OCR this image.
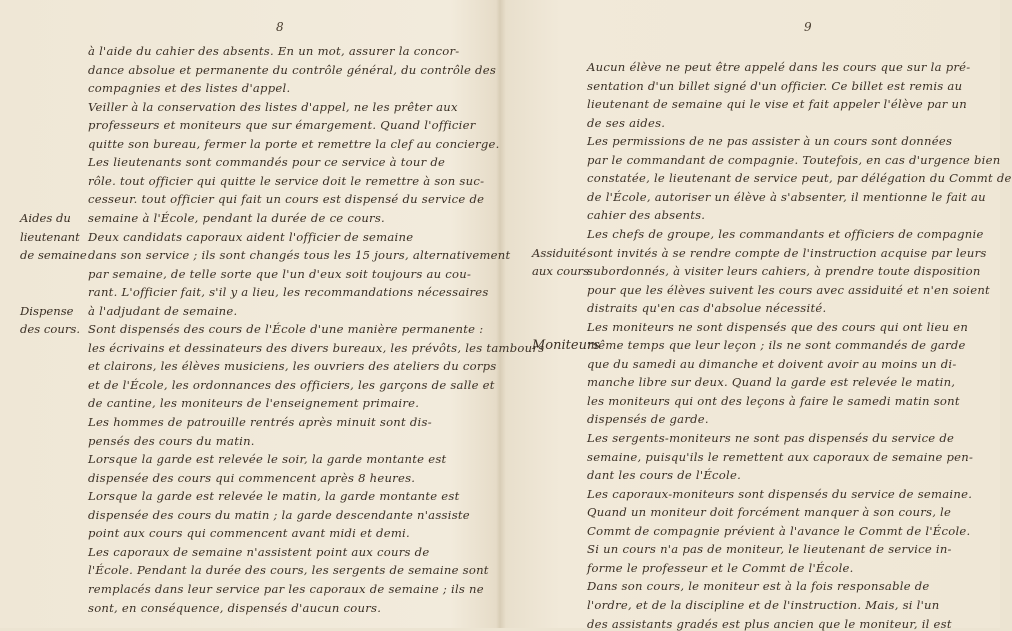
8
à l'aide du cahier des absents. En un mot, assurer la concor-
dance absolue et permanente du contrôle général, du contrôle des
compagnies et des listes d'appel.
Veiller à la conservation des listes d'appel, ne les prêter aux
professeurs et moniteurs que sur émargement. Quand l'officier
quitte son bureau, fermer la porte et remettre la clef au concierge.
Les lieutenants sont commandés pour ce service à tour de
rôle. tout officier qui quitte le service doit le remettre à son suc-
cesseur. tout officier qui fait un cours est dispensé du service de
semaine à l'École, pendant la durée de ce cours.
Deux candidats caporaux aident l'officier de semaine
dans son service ; ils sont changés tous les 15 jours, alternativement
par semaine, de telle sorte que l'un d'eux soit toujours au cou-
rant. L'officier fait, s'il y a lieu, les recommandations nécessaires
à l'adjudant de semaine.
Sont dispensés des cours de l'École d'une manière permanente :
les écrivains et dessinateurs des divers bureaux, les prévôts, les tambours
et clairons, les élèves musiciens, les ouvriers des ateliers du corps
et de l'École, les ordonnances des officiers, les garçons de salle et
de cantine, les moniteurs de l'enseignement primaire.
Les hommes de patrouille rentrés après minuit sont dis-
pensés des cours du matin.
Lorsque la garde est relevée le soir, la garde montante est
dispensée des cours qui commencent après 8 heures.
Lorsque la garde est relevée le matin, la garde montante est
dispensée des cours du matin ; la garde descendante n'assiste
point aux cours qui commencent avant midi et demi.
Les caporaux de semaine n'assistent point aux cours de
l'École. Pendant la durée des cours, les sergents de semaine sont
remplacés dans leur service par les caporaux de semaine ; ils ne
sont, en conséquence, dispensés d'aucun cours.
Aides du
lieutenant
de semaine
Dispense
des cours.
9
Aucun élève ne peut être appelé dans les cours que sur la pré-
sentation d'un billet signé d'un officier. Ce billet est remis au
lieutenant de semaine qui le vise et fait appeler l'élève par un
de ses aides.
Les permissions de ne pas assister à un cours sont données
par le commandant de compagnie. Toutefois, en cas d'urgence bien
constatée, le lieutenant de service peut, par délégation du Commt de
de l'École, autoriser un élève à s'absenter, il mentionne le fait au
cahier des absents.
Les chefs de groupe, les commandants et officiers de compagnie
sont invités à se rendre compte de l'instruction acquise par leurs
subordonnés, à visiter leurs cahiers, à prendre toute disposition
pour que les élèves suivent les cours avec assiduité et n'en soient
distraits qu'en cas d'absolue nécessité.
Les moniteurs ne sont dispensés que des cours qui ont lieu en
même temps que leur leçon ; ils ne sont commandés de garde
que du samedi au dimanche et doivent avoir au moins un di-
manche libre sur deux. Quand la garde est relevée le matin,
les moniteurs qui ont des leçons à faire le samedi matin sont
dispensés de garde.
Les sergents-moniteurs ne sont pas dispensés du service de
semaine, puisqu'ils le remettent aux caporaux de semaine pen-
dant les cours de l'École.
Les caporaux-moniteurs sont dispensés du service de semaine.
Quand un moniteur doit forcément manquer à son cours, le
Commt de compagnie prévient à l'avance le Commt de l'École.
Si un cours n'a pas de moniteur, le lieutenant de service in-
forme le professeur et le Commt de l'École.
Dans son cours, le moniteur est à la fois responsable de
l'ordre, et de la discipline et de l'instruction. Mais, si l'un
des assistants gradés est plus ancien que le moniteur, il est
Assiduité
aux cours
Moniteurs
